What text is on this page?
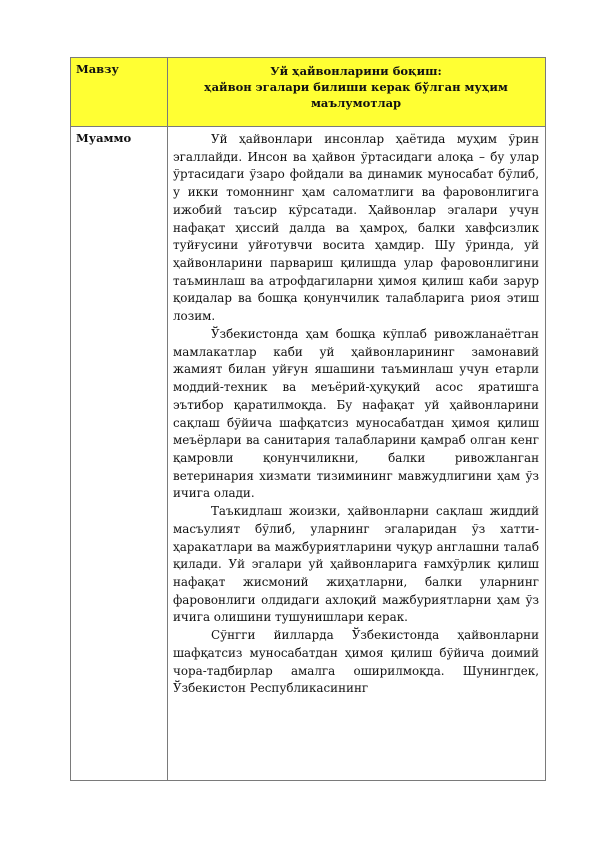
Мавзу	Уй ҳайвонларини боқиш:
ҳайвон эгалари билиши керак бўлган муҳим
маълумотлар

Муаммо	Уй ҳайвонлари инсонлар ҳаётида муҳим ўрин эгаллайди. Инсон ва ҳайвон ўртасидаги алоқа – бу улар ўртасидаги ўзаро фойдали ва динамик муносабат бўлиб, у икки томоннинг ҳам саломатлиги ва фаровонлигига ижобий таъсир кўрсатади. Ҳайвонлар эгалари учун нафақат ҳиссий далда ва ҳамроҳ, балки хавфсизлик туйғусини уйғотувчи восита ҳамдир. Шу ўринда, уй ҳайвонларини парвариш қилишда улар фаровонлигини таъминлаш ва атрофдагиларни ҳимоя қилиш каби зарур қоидалар ва бошқа қонунчилик талабларига риоя этиш лозим.

Ўзбекистонда ҳам бошқа кўплаб ривожланаётган мамлакатлар каби уй ҳайвонларининг замонавий жамият билан уйғун яшашини таъминлаш учун етарли моддий-техник ва меъёрий-ҳуқуқий асос яратишга эътибор қаратилмоқда. Бу нафақат уй ҳайвонларини сақлаш бўйича шафқатсиз муносабатдан ҳимоя қилиш меъёрлари ва санитария талабларини қамраб олган кенг қамровли қонунчиликни, балки ривожланган ветеринария хизмати тизимининг мавжудлигини ҳам ўз ичига олади.

Таъкидлаш жоизки, ҳайвонларни сақлаш жиддий масъулият бўлиб, уларнинг эгаларидан ўз хатти-ҳаракатлари ва мажбуриятларини чуқур англашни талаб қилади. Уй эгалари уй ҳайвонларига ғамхўрлик қилиш нафақат жисмоний жиҳатларни, балки уларнинг фаровонлиги олдидаги ахлоқий мажбуриятларни ҳам ўз ичига олишини тушунишлари керак.

Сўнгги йилларда Ўзбекистонда ҳайвонларни шафқатсиз муносабатдан ҳимоя қилиш бўйича доимий чора-тадбирлар амалга оширилмоқда. Шунингдек, Ўзбекистон Республикасининг
